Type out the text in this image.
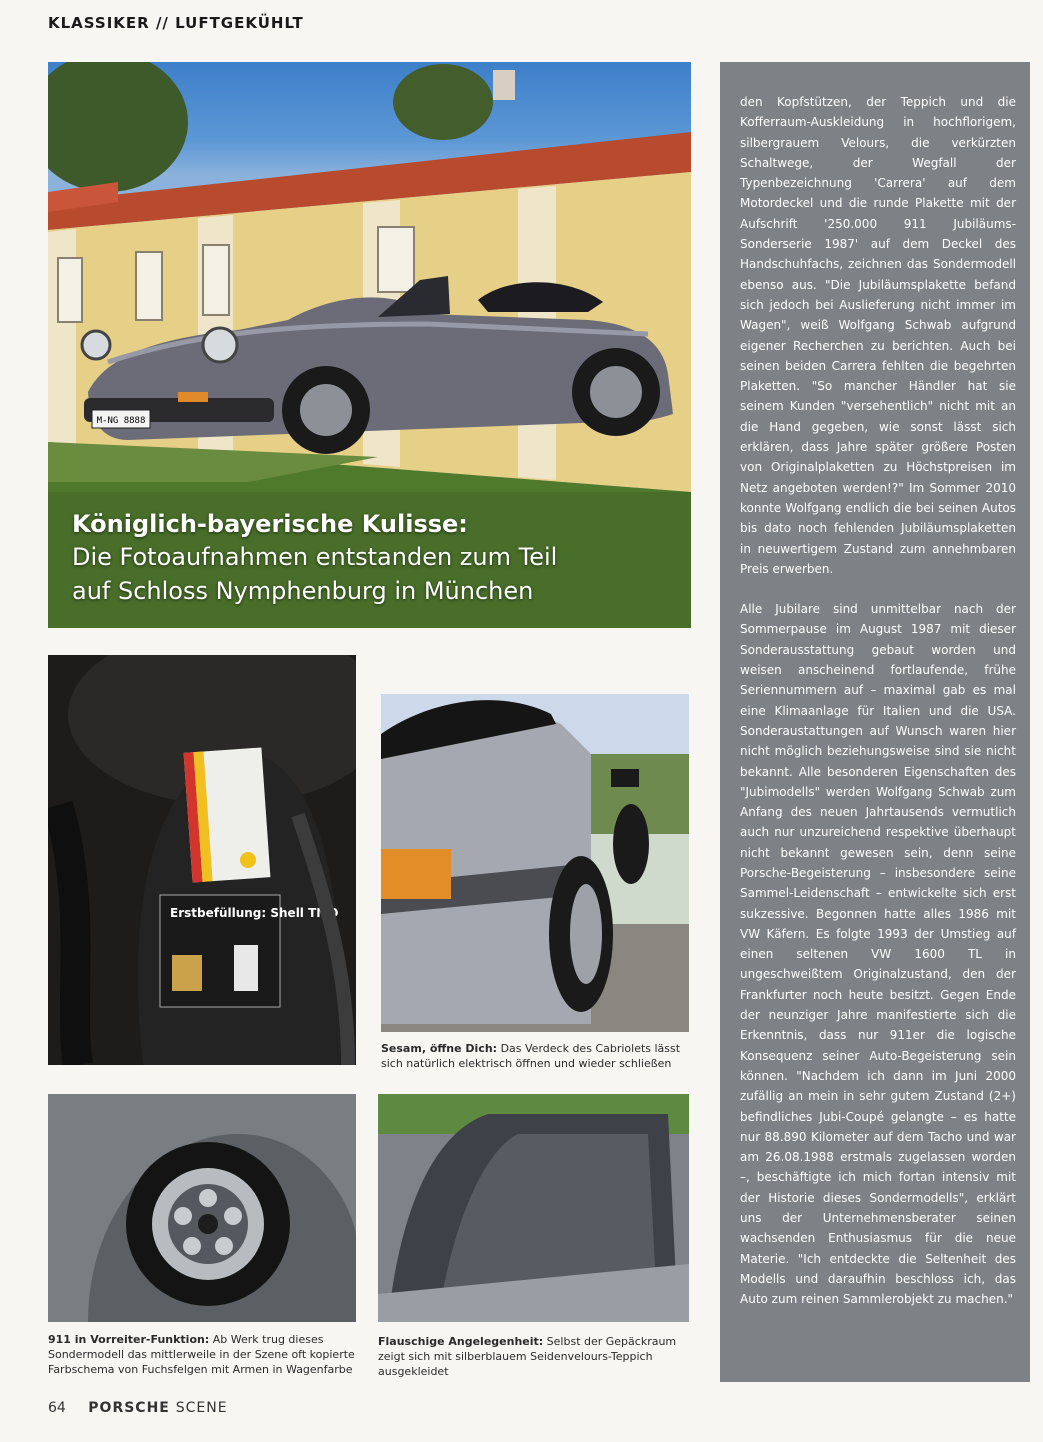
KLASSIKER // LUFTGEKÜHLT
M-NG 8888
Königlich-bayerische Kulisse:
Die Fotoaufnahmen entstanden zum Teil
auf Schloss Nymphenburg in München
Erstbefüllung: Shell TMO
Sesam, öffne Dich: Das Verdeck des Cabriolets lässt sich natürlich elektrisch öffnen und wieder schließen
911 in Vorreiter-Funktion: Ab Werk trug dieses Sondermodell das mittlerweile in der Szene oft kopierte Farbschema von Fuchsfelgen mit Armen in Wagenfarbe
Flauschige Angelegenheit: Selbst der Gepäckraum zeigt sich mit silberblauem Seidenvelours-Teppich ausgekleidet

den Kopfstützen, der Teppich und die Kofferraum-Auskleidung in hochflorigem, silbergrauem Velours, die verkürzten Schaltwege, der Wegfall der Typenbezeichnung 'Carrera' auf dem Motordeckel und die runde Plakette mit der Aufschrift '250.000 911 Jubiläums-Sonderserie 1987' auf dem Deckel des Handschuhfachs, zeichnen das Sondermodell ebenso aus. "Die Jubiläumsplakette befand sich jedoch bei Auslieferung nicht immer im Wagen", weiß Wolfgang Schwab aufgrund eigener Recherchen zu berichten. Auch bei seinen beiden Carrera fehlten die begehrten Plaketten. "So mancher Händler hat sie seinem Kunden "versehentlich" nicht mit an die Hand gegeben, wie sonst lässt sich erklären, dass Jahre später größere Posten von Originalplaketten zu Höchstpreisen im Netz angeboten werden!?" Im Sommer 2010 konnte Wolfgang endlich die bei seinen Autos bis dato noch fehlenden Jubiläumsplaketten in neuwertigem Zustand zum annehmbaren Preis erwerben.

Alle Jubilare sind unmittelbar nach der Sommerpause im August 1987 mit dieser Sonderausstattung gebaut worden und weisen anscheinend fortlaufende, frühe Seriennummern auf – maximal gab es mal eine Klimaanlage für Italien und die USA. Sonderaustattungen auf Wunsch waren hier nicht möglich beziehungsweise sind sie nicht bekannt. Alle besonderen Eigenschaften des "Jubimodells" werden Wolfgang Schwab zum Anfang des neuen Jahrtausends vermutlich auch nur unzureichend respektive überhaupt nicht bekannt gewesen sein, denn seine Porsche-Begeisterung – insbesondere seine Sammel-Leidenschaft – entwickelte sich erst sukzessive. Begonnen hatte alles 1986 mit VW Käfern. Es folgte 1993 der Umstieg auf einen seltenen VW 1600 TL in ungeschweißtem Originalzustand, den der Frankfurter noch heute besitzt. Gegen Ende der neunziger Jahre manifestierte sich die Erkenntnis, dass nur 911er die logische Konsequenz seiner Auto-Begeisterung sein können. "Nachdem ich dann im Juni 2000 zufällig an mein in sehr gutem Zustand (2+) befindliches Jubi-Coupé gelangte – es hatte nur 88.890 Kilometer auf dem Tacho und war am 26.08.1988 erstmals zugelassen worden –, beschäftigte ich mich fortan intensiv mit der Historie dieses Sondermodells", erklärt uns der Unternehmensberater seinen wachsenden Enthusiasmus für die neue Materie. "Ich entdeckte die Seltenheit des Modells und daraufhin beschloss ich, das Auto zum reinen Sammlerobjekt zu machen."

64 PORSCHE SCENE
